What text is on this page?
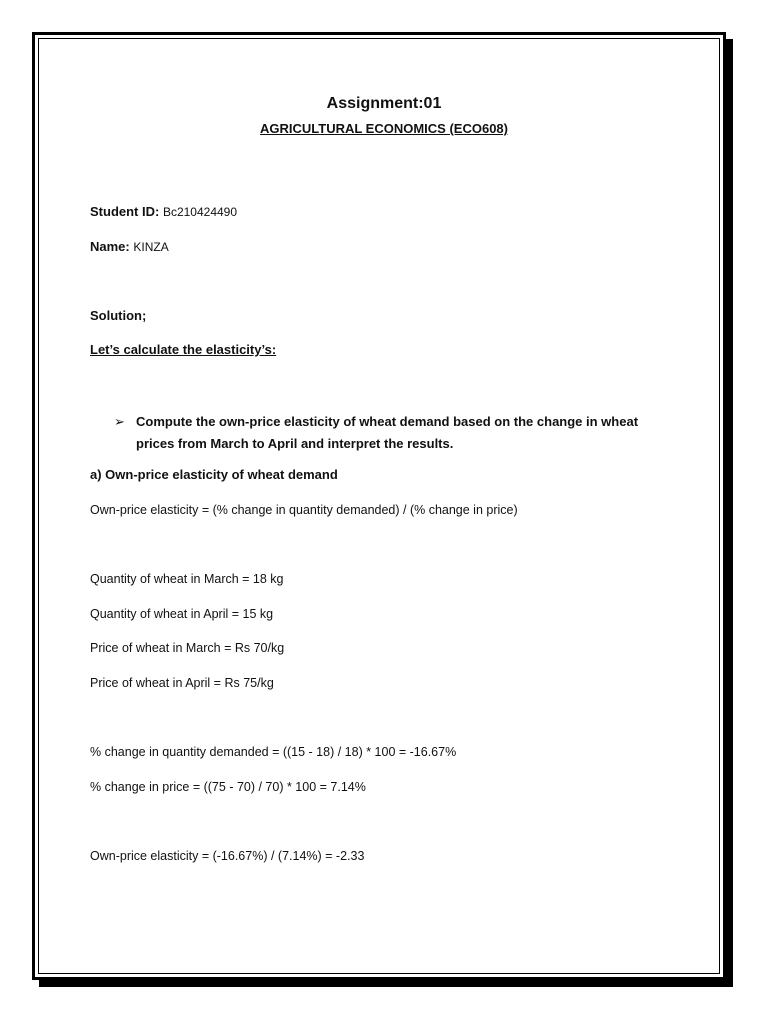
Assignment:01
AGRICULTURAL ECONOMICS (ECO608)
Student ID: Bc210424490
Name: KINZA
Solution;
Let’s calculate the elasticity’s:
➢ Compute the own-price elasticity of wheat demand based on the change in wheat
prices from March to April and interpret the results.
a) Own-price elasticity of wheat demand
Own-price elasticity = (% change in quantity demanded) / (% change in price)
Quantity of wheat in March = 18 kg
Quantity of wheat in April = 15 kg
Price of wheat in March = Rs 70/kg
Price of wheat in April = Rs 75/kg
% change in quantity demanded = ((15 - 18) / 18) * 100 = -16.67%
% change in price = ((75 - 70) / 70) * 100 = 7.14%
Own-price elasticity = (-16.67%) / (7.14%) = -2.33
